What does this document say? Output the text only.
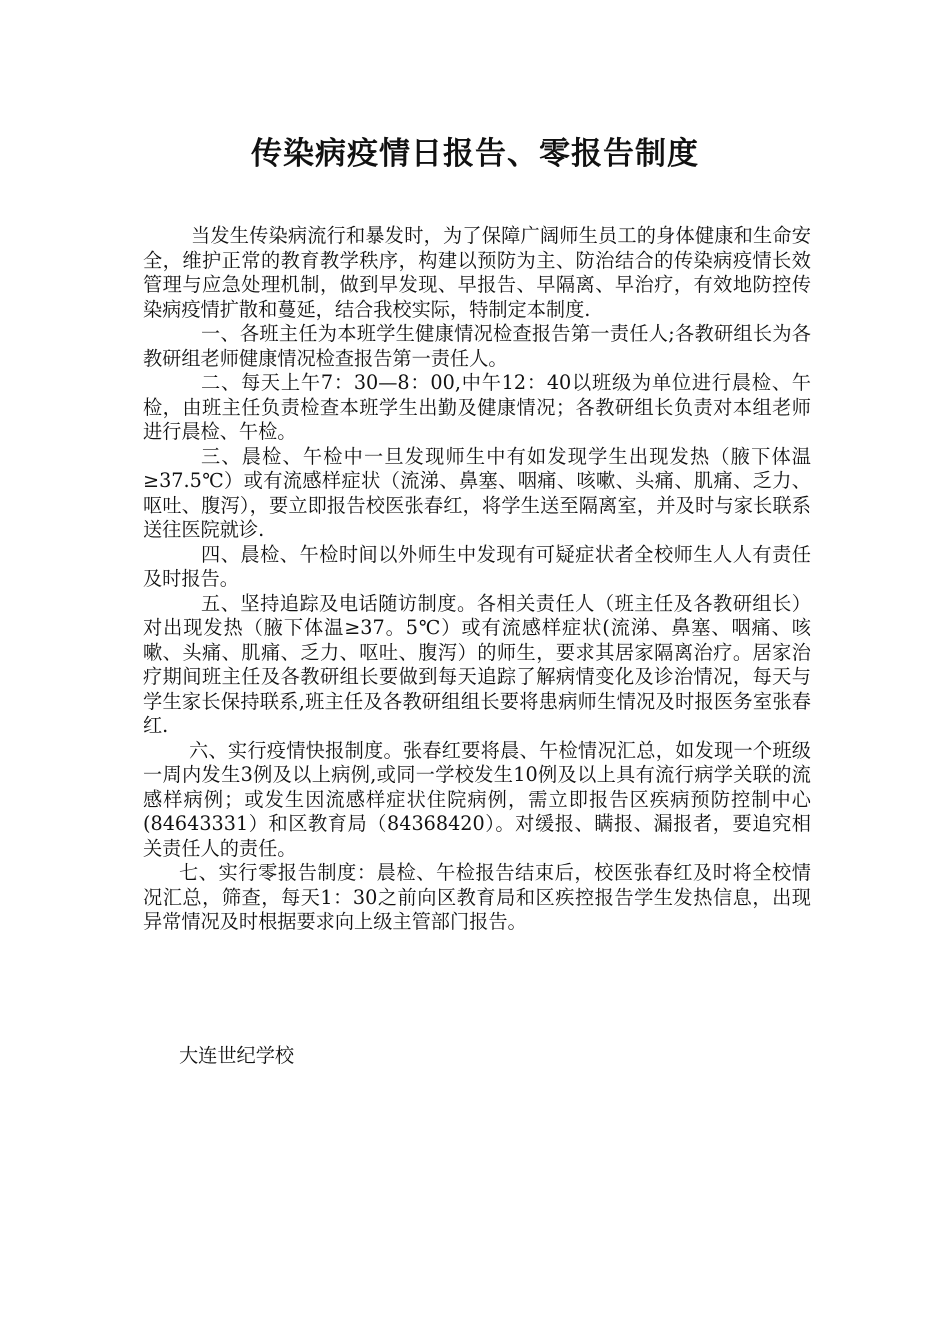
传染病疫情日报告、零报告制度

当发生传染病流行和暴发时，为了保障广阔师生员工的身体健康和生命安全，维护正常的教育教学秩序，构建以预防为主、防治结合的传染病疫情长效管理与应急处理机制，做到早发现、早报告、早隔离、早治疗，有效地防控传染病疫情扩散和蔓延，结合我校实际，特制定本制度.

一、各班主任为本班学生健康情况检查报告第一责任人;各教研组长为各教研组老师健康情况检查报告第一责任人。

二、每天上午7：30—8：00,中午12：40以班级为单位进行晨检、午检，由班主任负责检查本班学生出勤及健康情况；各教研组长负责对本组老师进行晨检、午检。

三、晨检、午检中一旦发现师生中有如发现学生出现发热（腋下体温≥37.5℃）或有流感样症状（流涕、鼻塞、咽痛、咳嗽、头痛、肌痛、乏力、呕吐、腹泻），要立即报告校医张春红，将学生送至隔离室，并及时与家长联系送往医院就诊.

四、晨检、午检时间以外师生中发现有可疑症状者全校师生人人有责任及时报告。

五、坚持追踪及电话随访制度。各相关责任人（班主任及各教研组长）对出现发热（腋下体温≥37。5℃）或有流感样症状(流涕、鼻塞、咽痛、咳嗽、头痛、肌痛、乏力、呕吐、腹泻）的师生，要求其居家隔离治疗。居家治疗期间班主任及各教研组长要做到每天追踪了解病情变化及诊治情况，每天与学生家长保持联系,班主任及各教研组组长要将患病师生情况及时报医务室张春红.

六、实行疫情快报制度。张春红要将晨、午检情况汇总，如发现一个班级一周内发生3例及以上病例,或同一学校发生10例及以上具有流行病学关联的流感样病例；或发生因流感样症状住院病例，需立即报告区疾病预防控制中心(84643331）和区教育局（84368420）。对缓报、瞒报、漏报者，要追究相关责任人的责任。

七、实行零报告制度：晨检、午检报告结束后，校医张春红及时将全校情况汇总，筛查，每天1：30之前向区教育局和区疾控报告学生发热信息，出现异常情况及时根据要求向上级主管部门报告。

大连世纪学校
